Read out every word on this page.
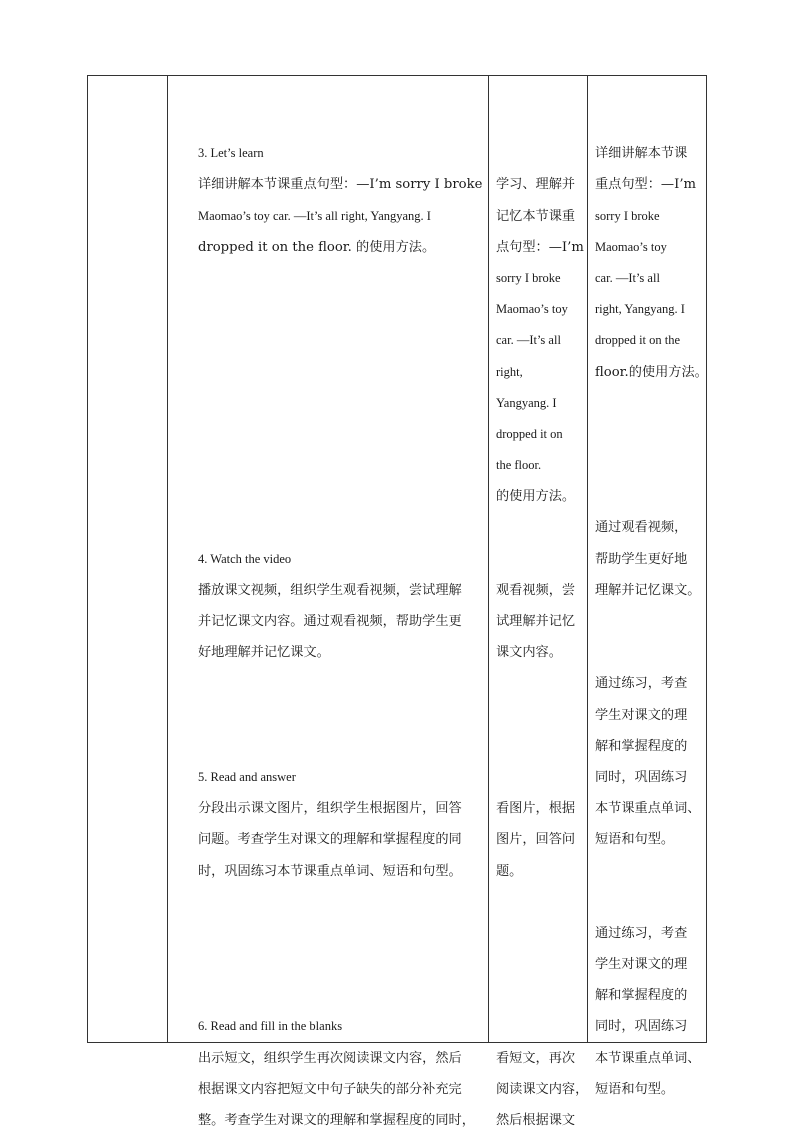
3. Let’s learn
详细讲解本节课重点句型：—I’m sorry I broke
Maomao’s toy car. —It’s all right, Yangyang. I
dropped it on the floor. 的使用方法。
4. Watch the video
播放课文视频，组织学生观看视频，尝试理解
并记忆课文内容。通过观看视频，帮助学生更
好地理解并记忆课文。
5. Read and answer
分段出示课文图片，组织学生根据图片，回答
问题。考查学生对课文的理解和掌握程度的同
时，巩固练习本节课重点单词、短语和句型。
6. Read and fill in the blanks
出示短文，组织学生再次阅读课文内容，然后
根据课文内容把短文中句子缺失的部分补充完
整。考查学生对课文的理解和掌握程度的同时，
学习、理解并
记忆本节课重
点句型：—I’m
sorry I broke
Maomao’s toy
car. —It’s all
right,
Yangyang. I
dropped it on
the floor.
的使用方法。
观看视频，尝
试理解并记忆
课文内容。
看图片，根据
图片，回答问
题。
看短文，再次
阅读课文内容，
然后根据课文
详细讲解本节课
重点句型：—I’m
sorry I broke
Maomao’s toy
car. —It’s all
right, Yangyang. I
dropped it on the
floor.的使用方法。
通过观看视频，
帮助学生更好地
理解并记忆课文。
通过练习，考查
学生对课文的理
解和掌握程度的
同时，巩固练习
本节课重点单词、
短语和句型。
通过练习，考查
学生对课文的理
解和掌握程度的
同时，巩固练习
本节课重点单词、
短语和句型。
